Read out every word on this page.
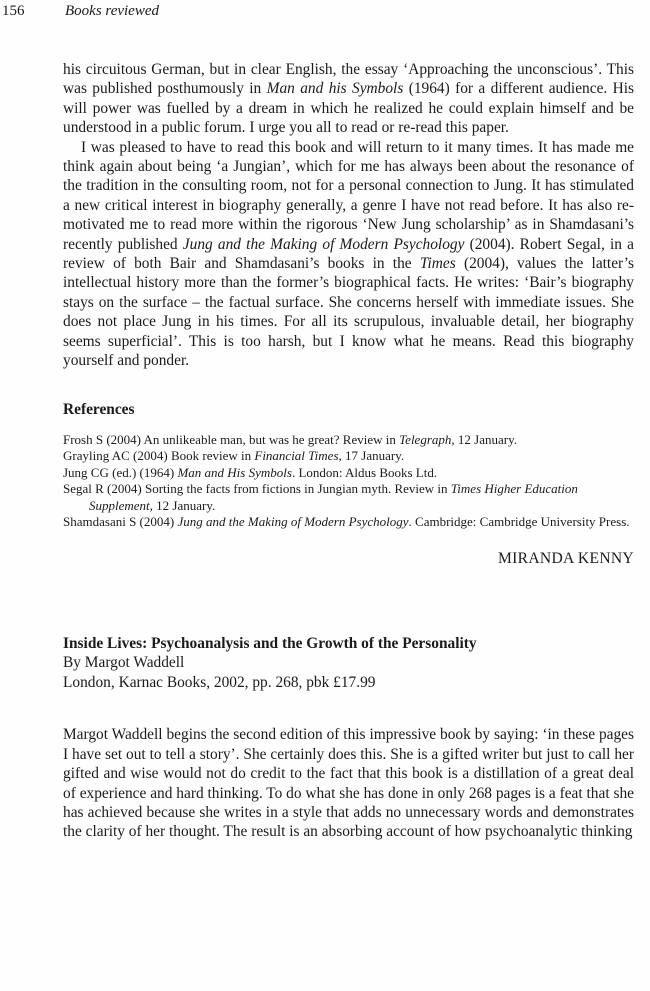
156	Books reviewed

his circuitous German, but in clear English, the essay ‘Approaching the unconscious’. This was published posthumously in Man and his Symbols (1964) for a different audience. His will power was fuelled by a dream in which he realized he could explain himself and be understood in a public forum. I urge you all to read or re-read this paper.

I was pleased to have to read this book and will return to it many times. It has made me think again about being ‘a Jungian’, which for me has always been about the resonance of the tradition in the consulting room, not for a personal connection to Jung. It has stimulated a new critical interest in biography generally, a genre I have not read before. It has also re-motivated me to read more within the rigorous ‘New Jung scholarship’ as in Shamdasani’s recently published Jung and the Making of Modern Psychology (2004). Robert Segal, in a review of both Bair and Shamdasani’s books in the Times (2004), values the latter’s intellectual history more than the former’s biographical facts. He writes: ‘Bair’s biography stays on the surface – the factual surface. She concerns herself with immediate issues. She does not place Jung in his times. For all its scrupulous, invaluable detail, her biography seems superficial’. This is too harsh, but I know what he means. Read this biography yourself and ponder.

References

Frosh S (2004) An unlikeable man, but was he great? Review in Telegraph, 12 January.

Grayling AC (2004) Book review in Financial Times, 17 January.

Jung CG (ed.) (1964) Man and His Symbols. London: Aldus Books Ltd.

Segal R (2004) Sorting the facts from fictions in Jungian myth. Review in Times Higher Education Supplement, 12 January.

Shamdasani S (2004) Jung and the Making of Modern Psychology. Cambridge: Cambridge University Press.

MIRANDA KENNY

Inside Lives: Psychoanalysis and the Growth of the Personality

By Margot Waddell

London, Karnac Books, 2002, pp. 268, pbk £17.99

Margot Waddell begins the second edition of this impressive book by saying: ‘in these pages I have set out to tell a story’. She certainly does this. She is a gifted writer but just to call her gifted and wise would not do credit to the fact that this book is a distillation of a great deal of experience and hard thinking. To do what she has done in only 268 pages is a feat that she has achieved because she writes in a style that adds no unnecessary words and demonstrates the clarity of her thought. The result is an absorbing account of how psychoanalytic thinking
